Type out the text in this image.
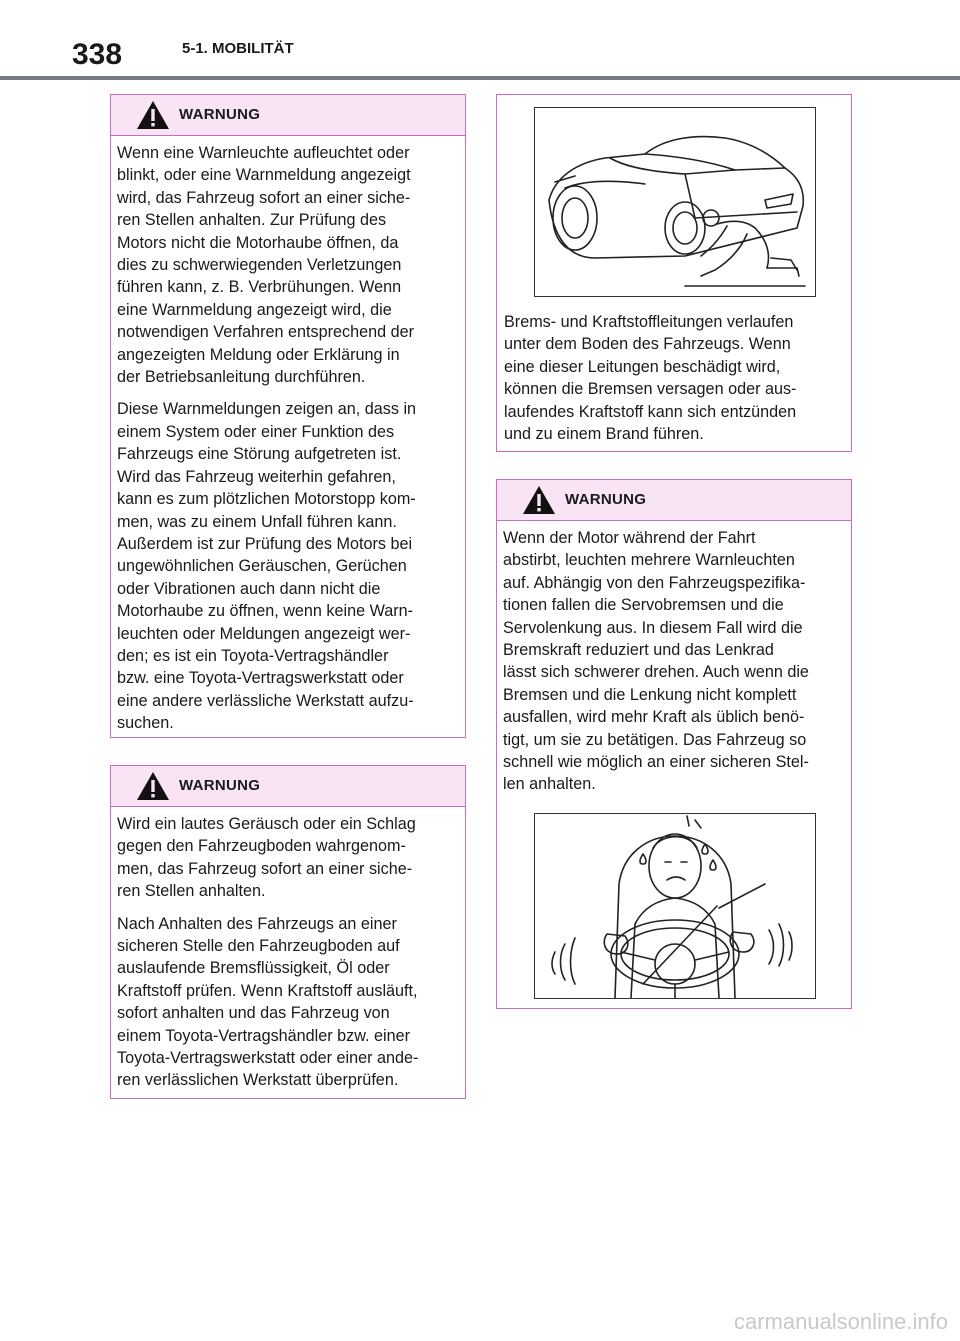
338	5-1. MOBILITÄT
WARNUNG

Wenn eine Warnleuchte aufleuchtet oder
blinkt, oder eine Warnmeldung angezeigt
wird, das Fahrzeug sofort an einer siche-
ren Stellen anhalten. Zur Prüfung des
Motors nicht die Motorhaube öffnen, da
dies zu schwerwiegenden Verletzungen
führen kann, z. B. Verbrühungen. Wenn
eine Warnmeldung angezeigt wird, die
notwendigen Verfahren entsprechend der
angezeigten Meldung oder Erklärung in
der Betriebsanleitung durchführen.

Diese Warnmeldungen zeigen an, dass in
einem System oder einer Funktion des
Fahrzeugs eine Störung aufgetreten ist.
Wird das Fahrzeug weiterhin gefahren,
kann es zum plötzlichen Motorstopp kom-
men, was zu einem Unfall führen kann.
Außerdem ist zur Prüfung des Motors bei
ungewöhnlichen Geräuschen, Gerüchen
oder Vibrationen auch dann nicht die
Motorhaube zu öffnen, wenn keine Warn-
leuchten oder Meldungen angezeigt wer-
den; es ist ein Toyota-Vertragshändler
bzw. eine Toyota-Vertragswerkstatt oder
eine andere verlässliche Werkstatt aufzu-
suchen.

WARNUNG

Wird ein lautes Geräusch oder ein Schlag
gegen den Fahrzeugboden wahrgenom-
men, das Fahrzeug sofort an einer siche-
ren Stellen anhalten.

Nach Anhalten des Fahrzeugs an einer
sicheren Stelle den Fahrzeugboden auf
auslaufende Bremsflüssigkeit, Öl oder
Kraftstoff prüfen. Wenn Kraftstoff ausläuft,
sofort anhalten und das Fahrzeug von
einem Toyota-Vertragshändler bzw. einer
Toyota-Vertragswerkstatt oder einer ande-
ren verlässlichen Werkstatt überprüfen.

Brems- und Kraftstoffleitungen verlaufen
unter dem Boden des Fahrzeugs. Wenn
eine dieser Leitungen beschädigt wird,
können die Bremsen versagen oder aus-
laufendes Kraftstoff kann sich entzünden
und zu einem Brand führen.

WARNUNG

Wenn der Motor während der Fahrt
abstirbt, leuchten mehrere Warnleuchten
auf. Abhängig von den Fahrzeugspezifika-
tionen fallen die Servobremsen und die
Servolenkung aus. In diesem Fall wird die
Bremskraft reduziert und das Lenkrad
lässt sich schwerer drehen. Auch wenn die
Bremsen und die Lenkung nicht komplett
ausfallen, wird mehr Kraft als üblich benö-
tigt, um sie zu betätigen. Das Fahrzeug so
schnell wie möglich an einer sicheren Stel-
len anhalten.

carmanualsonline.info
